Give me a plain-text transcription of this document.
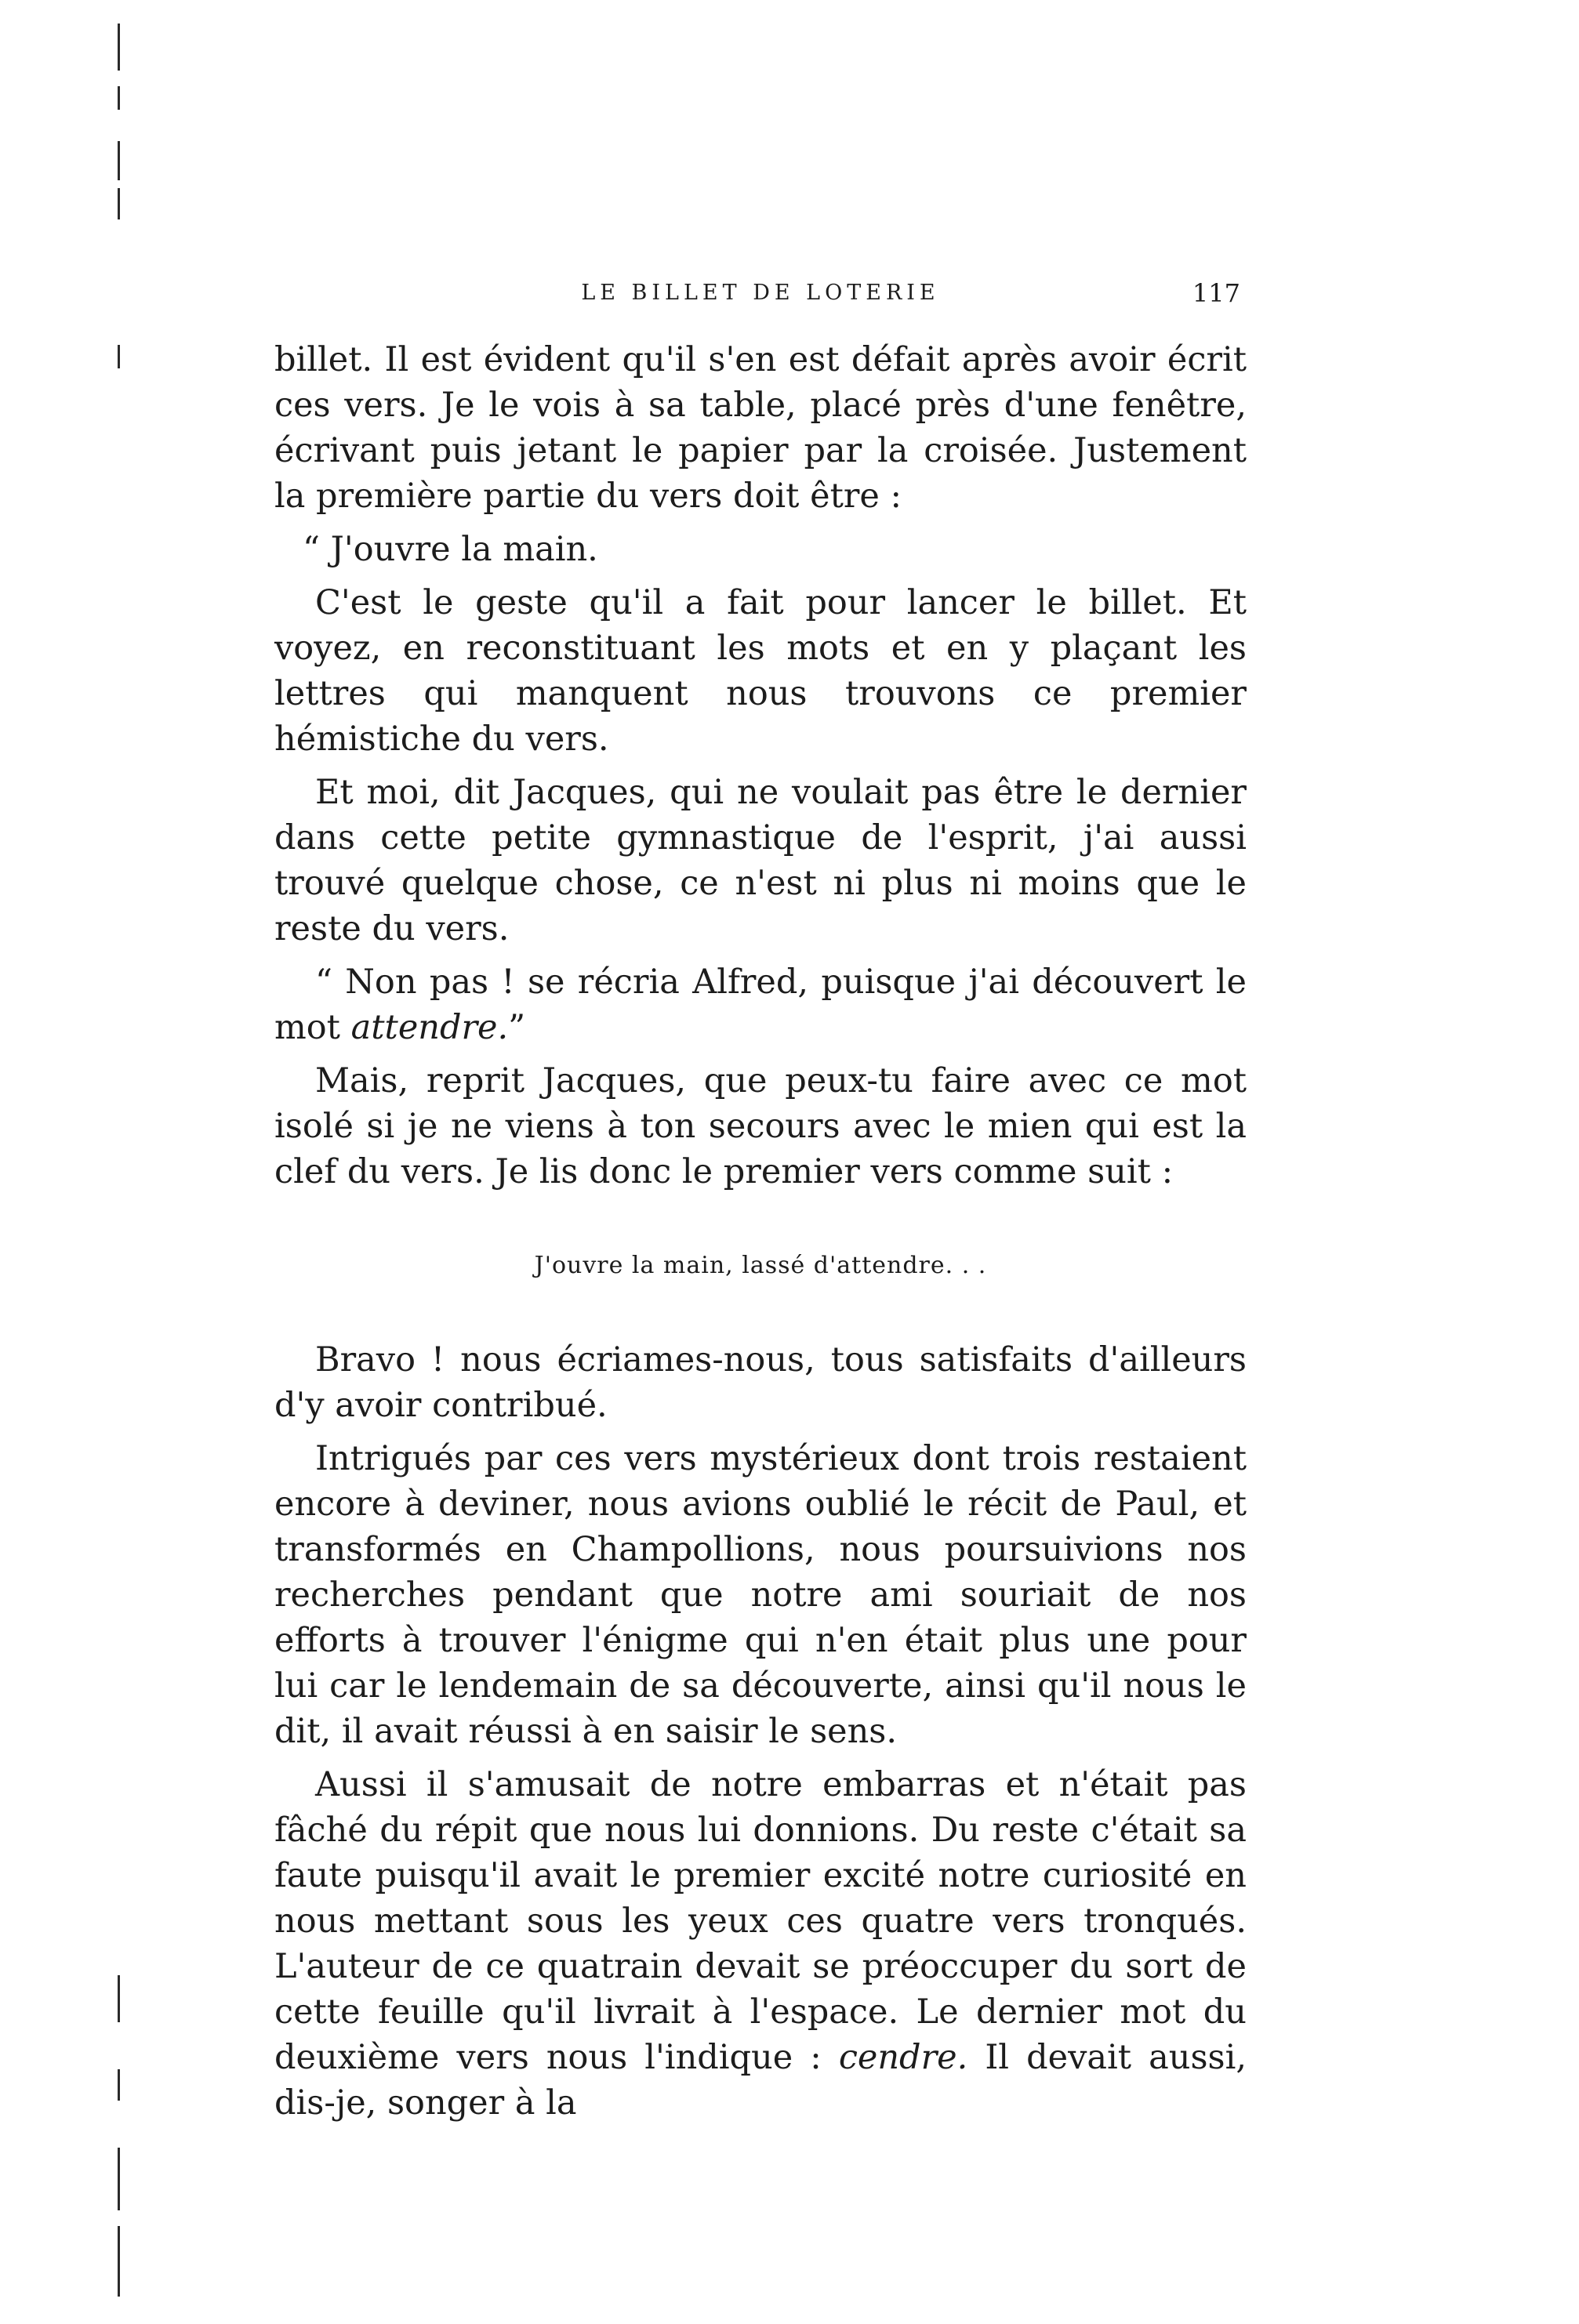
LE BILLET DE LOTERIE	117

billet. Il est évident qu'il s'en est défait après avoir écrit ces vers. Je le vois à sa table, placé près d'une fenêtre, écrivant puis jetant le papier par la croisée. Justement la première partie du vers doit être :

“ J'ouvre la main.

C'est le geste qu'il a fait pour lancer le billet. Et voyez, en reconstituant les mots et en y plaçant les lettres qui manquent nous trouvons ce premier hémistiche du vers.

Et moi, dit Jacques, qui ne voulait pas être le dernier dans cette petite gymnastique de l'esprit, j'ai aussi trouvé quelque chose, ce n'est ni plus ni moins que le reste du vers.

“ Non pas ! se récria Alfred, puisque j'ai découvert le mot attendre.”

Mais, reprit Jacques, que peux-tu faire avec ce mot isolé si je ne viens à ton secours avec le mien qui est la clef du vers. Je lis donc le premier vers comme suit :

J'ouvre la main, lassé d'attendre. . .

Bravo ! nous écriames-nous, tous satisfaits d'ailleurs d'y avoir contribué.

Intrigués par ces vers mystérieux dont trois restaient encore à deviner, nous avions oublié le récit de Paul, et transformés en Champollions, nous poursuivions nos recherches pendant que notre ami souriait de nos efforts à trouver l'énigme qui n'en était plus une pour lui car le lendemain de sa découverte, ainsi qu'il nous le dit, il avait réussi à en saisir le sens.

Aussi il s'amusait de notre embarras et n'était pas fâché du répit que nous lui donnions. Du reste c'était sa faute puisqu'il avait le premier excité notre curiosité en nous mettant sous les yeux ces quatre vers tronqués. L'auteur de ce quatrain devait se préoccuper du sort de cette feuille qu'il livrait à l'espace. Le dernier mot du deuxième vers nous l'indique : cendre. Il devait aussi, dis-je, songer à la
